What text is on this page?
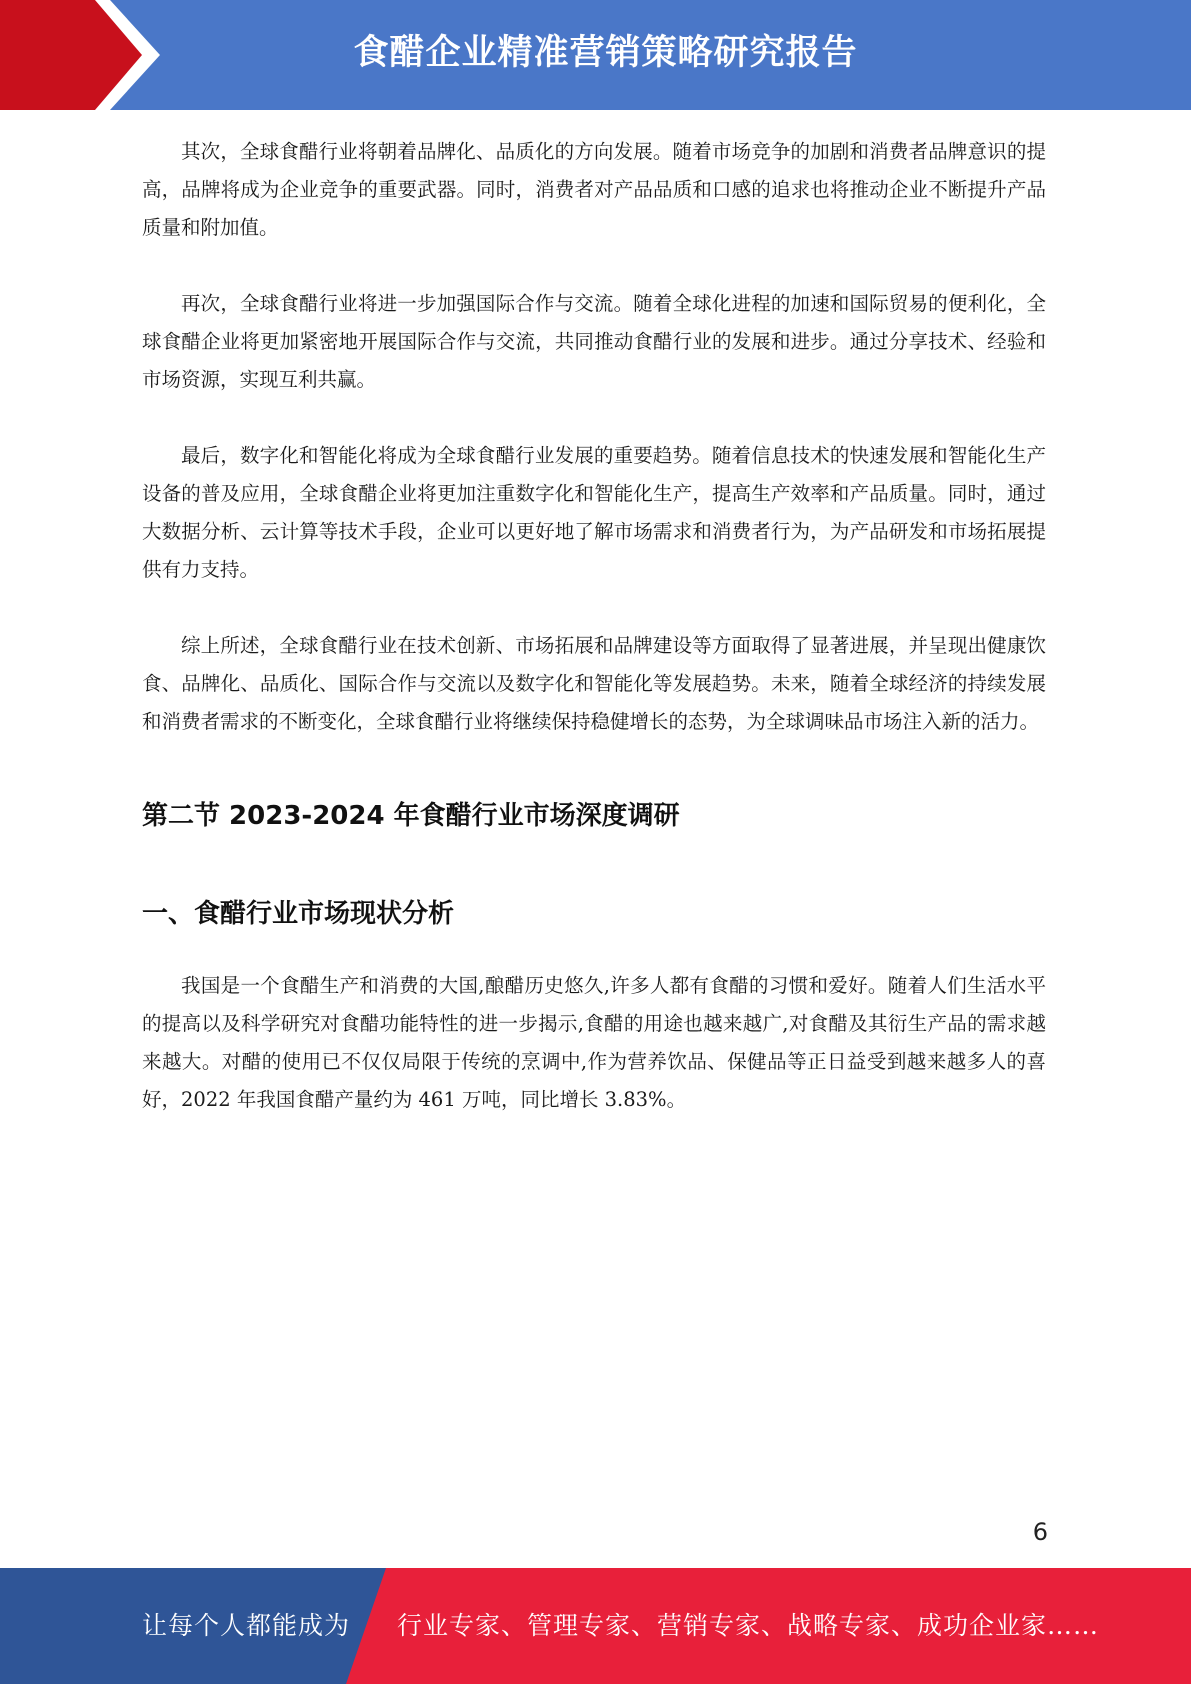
食醋企业精准营销策略研究报告

其次，全球食醋行业将朝着品牌化、品质化的方向发展。随着市场竞争的加剧和消费者品牌意识的提高，品牌将成为企业竞争的重要武器。同时，消费者对产品品质和口感的追求也将推动企业不断提升产品质量和附加值。

再次，全球食醋行业将进一步加强国际合作与交流。随着全球化进程的加速和国际贸易的便利化，全球食醋企业将更加紧密地开展国际合作与交流，共同推动食醋行业的发展和进步。通过分享技术、经验和市场资源，实现互利共赢。

最后，数字化和智能化将成为全球食醋行业发展的重要趋势。随着信息技术的快速发展和智能化生产设备的普及应用，全球食醋企业将更加注重数字化和智能化生产，提高生产效率和产品质量。同时，通过大数据分析、云计算等技术手段，企业可以更好地了解市场需求和消费者行为，为产品研发和市场拓展提供有力支持。

综上所述，全球食醋行业在技术创新、市场拓展和品牌建设等方面取得了显著进展，并呈现出健康饮食、品牌化、品质化、国际合作与交流以及数字化和智能化等发展趋势。未来，随着全球经济的持续发展和消费者需求的不断变化，全球食醋行业将继续保持稳健增长的态势，为全球调味品市场注入新的活力。

第二节 2023-2024 年食醋行业市场深度调研
一、食醋行业市场现状分析

我国是一个食醋生产和消费的大国,酿醋历史悠久,许多人都有食醋的习惯和爱好。随着人们生活水平的提高以及科学研究对食醋功能特性的进一步揭示,食醋的用途也越来越广,对食醋及其衍生产品的需求越来越大。对醋的使用已不仅仅局限于传统的烹调中,作为营养饮品、保健品等正日益受到越来越多人的喜好，2022 年我国食醋产量约为 461 万吨，同比增长 3.83%。

6
让每个人都能成为 行业专家、管理专家、营销专家、战略专家、成功企业家……
